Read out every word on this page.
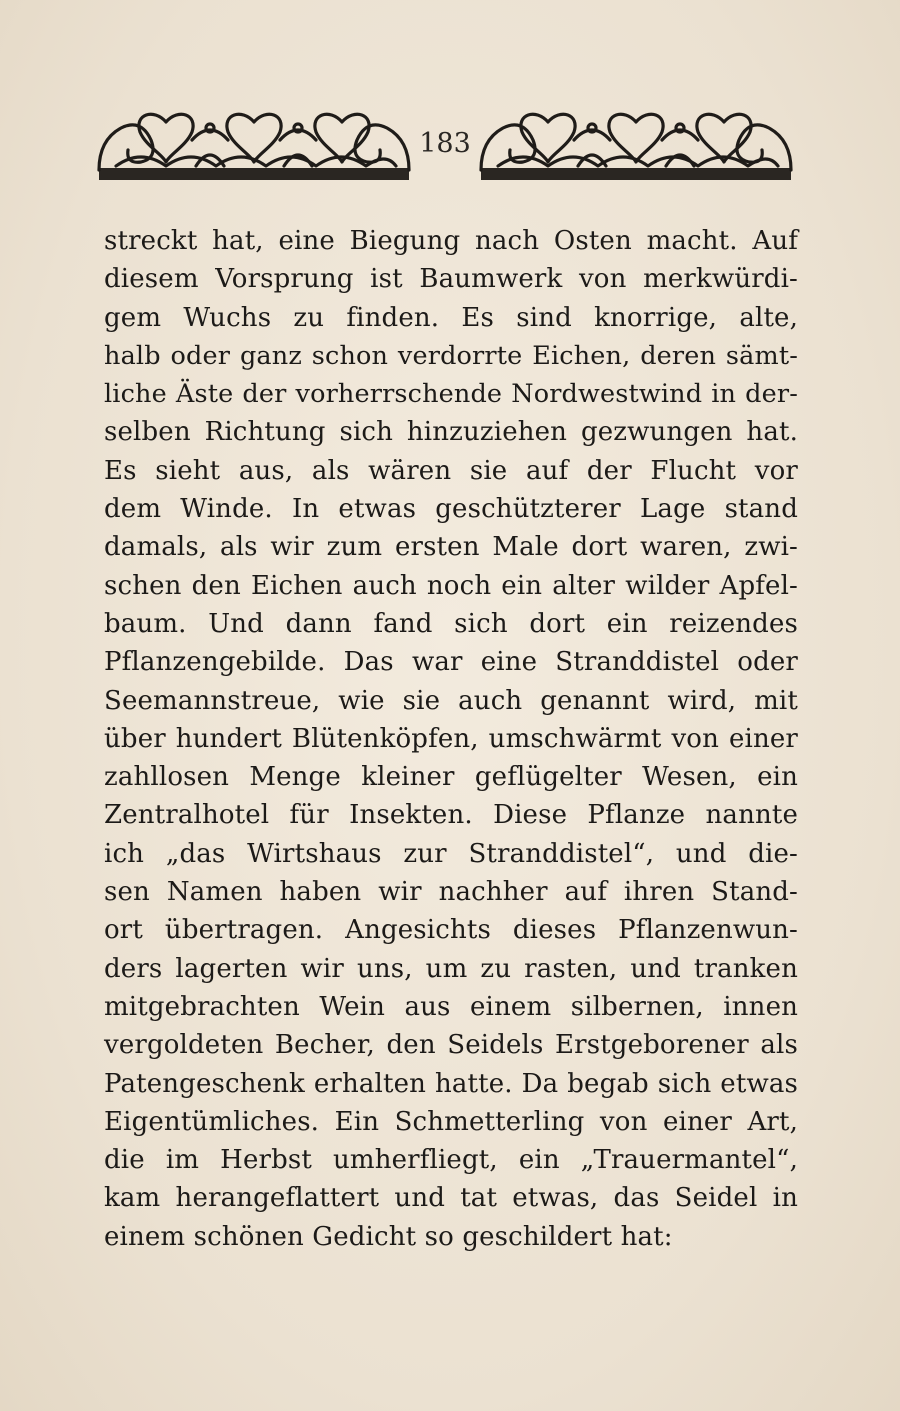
183
streckt hat, eine Biegung nach Osten macht. Auf
diesem Vorsprung ist Baumwerk von merkwürdi-
gem Wuchs zu finden. Es sind knorrige, alte,
halb oder ganz schon verdorrte Eichen, deren sämt-
liche Äste der vorherrschende Nordwestwind in der-
selben Richtung sich hinzuziehen gezwungen hat.
Es sieht aus, als wären sie auf der Flucht vor
dem Winde. In etwas geschützterer Lage stand
damals, als wir zum ersten Male dort waren, zwi-
schen den Eichen auch noch ein alter wilder Apfel-
baum. Und dann fand sich dort ein reizendes
Pflanzengebilde. Das war eine Stranddistel oder
Seemannstreue, wie sie auch genannt wird, mit
über hundert Blütenköpfen, umschwärmt von einer
zahllosen Menge kleiner geflügelter Wesen, ein
Zentralhotel für Insekten. Diese Pflanze nannte
ich „das Wirtshaus zur Stranddistel“, und die-
sen Namen haben wir nachher auf ihren Stand-
ort übertragen. Angesichts dieses Pflanzenwun-
ders lagerten wir uns, um zu rasten, und tranken
mitgebrachten Wein aus einem silbernen, innen
vergoldeten Becher, den Seidels Erstgeborener als
Patengeschenk erhalten hatte. Da begab sich etwas
Eigentümliches. Ein Schmetterling von einer Art,
die im Herbst umherfliegt, ein „Trauermantel“,
kam herangeflattert und tat etwas, das Seidel in
einem schönen Gedicht so geschildert hat:
